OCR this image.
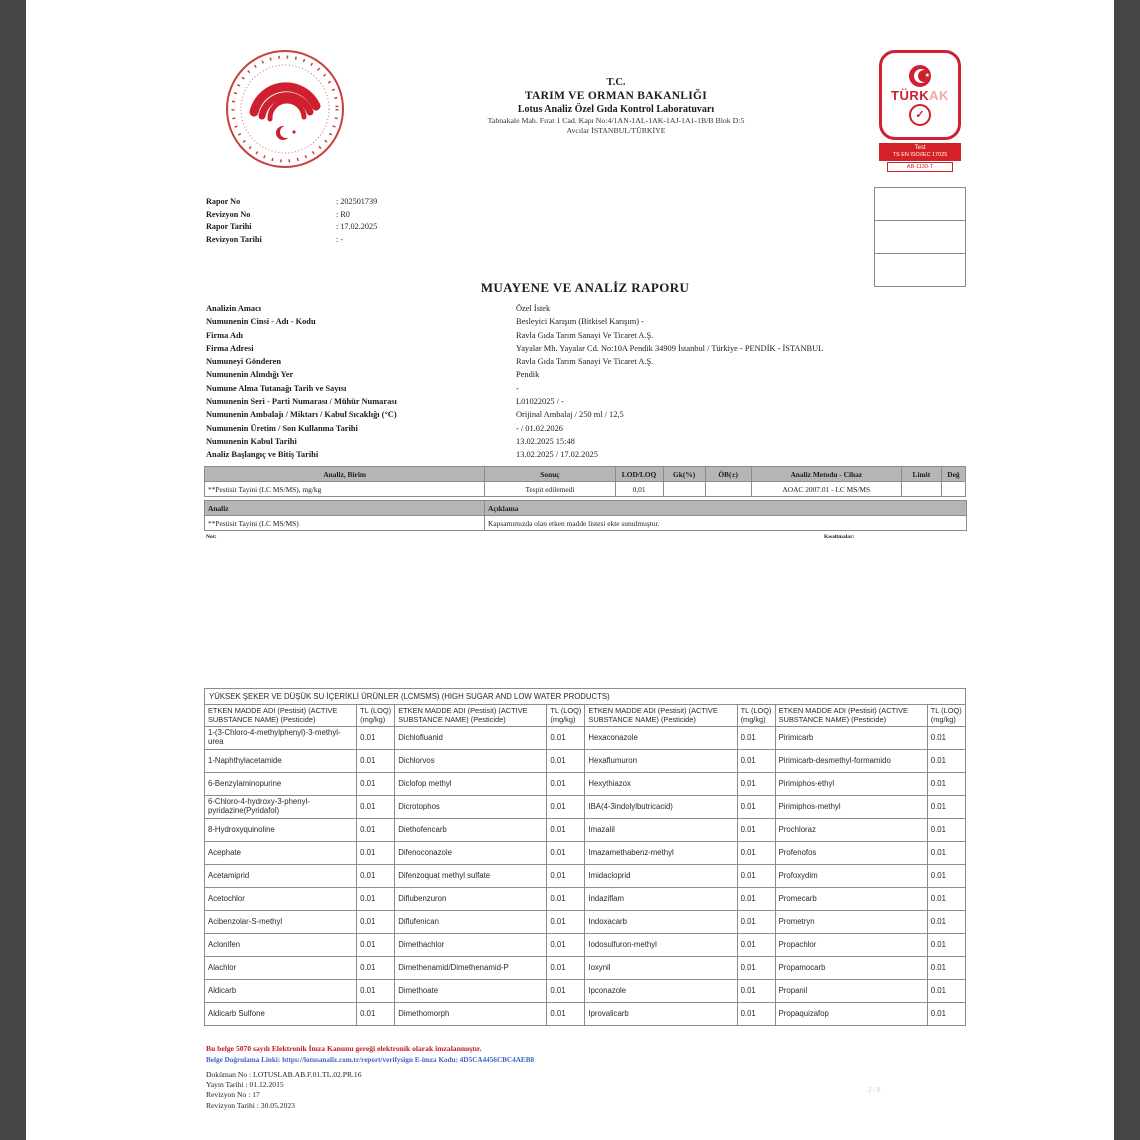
T.C.
TARIM VE ORMAN BAKANLIĞI
Lotus Analiz Özel Gıda Kontrol Laboratuvarı
Tabnakale Mah. Fırat 1 Cad. Kapı No:4/1AN-1AL-1AK-1AJ-1A1-1B/B Blok D:5
Avcılar İSTANBUL/TÜRKİYE
★
TÜRKAK
✓
Test
TS EN ISO/IEC 17025
AB-1130-T
Rapor No	: 202501739
Revizyon No	: R0
Rapor Tarihi	: 17.02.2025
Revizyon Tarihi	: -
MUAYENE VE ANALİZ RAPORU
Analizin Amacı	Özel İstek
Numunenin Cinsi - Adı - Kodu	Besleyici Karışım (Bitkisel Karışım) -
Firma Adı	Ravla Gıda Tarım Sanayi Ve Ticaret A.Ş.
Firma Adresi	Yayalar Mh. Yayalar Cd. No:10A Pendik 34909 İstanbul / Türkiye - PENDİK - İSTANBUL
Numuneyi Gönderen	Ravla Gıda Tarım Sanayi Ve Ticaret A.Ş.
Numunenin Alındığı Yer	Pendik
Numune Alma Tutanağı Tarih ve Sayısı	-
Numunenin Seri - Parti Numarası / Mühür Numarası	L01022025 / -
Numunenin Ambalajı / Miktarı / Kabul Sıcaklığı (°C)	Orijinal Ambalaj / 250 ml / 12,5
Numunenin Üretim / Son Kullanma Tarihi	- / 01.02.2026
Numunenin Kabul Tarihi	13.02.2025 15:48
Analiz Başlangıç ve Bitiş Tarihi	13.02.2025 / 17.02.2025
Analiz, Birim	Sonuç	LOD/LOQ	Gk(%)	ÖB(±)	Analiz Metodu - Cihaz	Limit	Değ
**Pestisit Tayini (LC MS/MS), mg/kg	Tespit edilemedi	0,01			AOAC 2007.01 - LC MS/MS		
Analiz	Açıklama
**Pestisit Tayini (LC MS/MS)	Kapsamımızda olan etken madde listesi ekte sunulmuştur.
Not:	Kısaltmalar:
YÜKSEK ŞEKER VE DÜŞÜK SU İÇERİKLİ ÜRÜNLER (LCMSMS) (HIGH SUGAR AND LOW WATER PRODUCTS)							
ETKEN MADDE ADI (Pestisit) (ACTIVE SUBSTANCE NAME) (Pesticide)	TL (LOQ) (mg/kg)	ETKEN MADDE ADI (Pestisit) (ACTIVE SUBSTANCE NAME) (Pesticide)	TL (LOQ) (mg/kg)	ETKEN MADDE ADI (Pestisit) (ACTIVE SUBSTANCE NAME) (Pesticide)	TL (LOQ) (mg/kg)	ETKEN MADDE ADI (Pestisit) (ACTIVE SUBSTANCE NAME) (Pesticide)	TL (LOQ) (mg/kg)
1-(3-Chloro-4-methylphenyl)-3-methyl-urea	0.01	Dichlofluanid	0.01	Hexaconazole	0.01	Pirimicarb	0.01
1-Naphthylacetamide	0.01	Dichlorvos	0.01	Hexaflumuron	0.01	Pirimicarb-desmethyl-formamido	0.01
6-Benzylaminopurine	0.01	Diclofop methyl	0.01	Hexythiazox	0.01	Pirimiphos-ethyl	0.01
6-Chloro-4-hydroxy-3-phenyl-pyridazine(Pyridafol)	0.01	Dicrotophos	0.01	IBA(4-3indolylbutricacid)	0.01	Pirimiphos-methyl	0.01
8-Hydroxyquinoline	0.01	Diethofencarb	0.01	Imazalil	0.01	Prochloraz	0.01
Acephate	0.01	Difenoconazole	0.01	Imazamethabenz-methyl	0.01	Profenofos	0.01
Acetamiprid	0.01	Difenzoquat methyl sulfate	0.01	Imidacloprid	0.01	Profoxydim	0.01
Acetochlor	0.01	Diflubenzuron	0.01	Indaziflam	0.01	Promecarb	0.01
Acibenzolar-S-methyl	0.01	Diflufenican	0.01	Indoxacarb	0.01	Prometryn	0.01
Aclonifen	0.01	Dimethachlor	0.01	Iodosulfuron-methyl	0.01	Propachlor	0.01
Alachlor	0.01	Dimethenamid/Dimethenamid-P	0.01	Ioxynil	0.01	Propamocarb	0.01
Aldicarb	0.01	Dimethoate	0.01	Ipconazole	0.01	Propanil	0.01
Aldicarb Sulfone	0.01	Dimethomorph	0.01	Iprovalicarb	0.01	Propaquizafop	0.01
Bu belge 5070 sayılı Elektronik İmza Kanunu gereği elektronik olarak imzalanmıştır.
Belge Doğrulama Linki: https://lotusanaliz.com.tr/report/verifysign E-imza Kodu: 4D5CA4456CBC4AEB8
Doküman No : LOTUSLAB.AB.F.01.TL.02.PR.16
Yayın Tarihi : 01.12.2015
Revizyon No : 17
Revizyon Tarihi : 30.05.2023
2 / 8
